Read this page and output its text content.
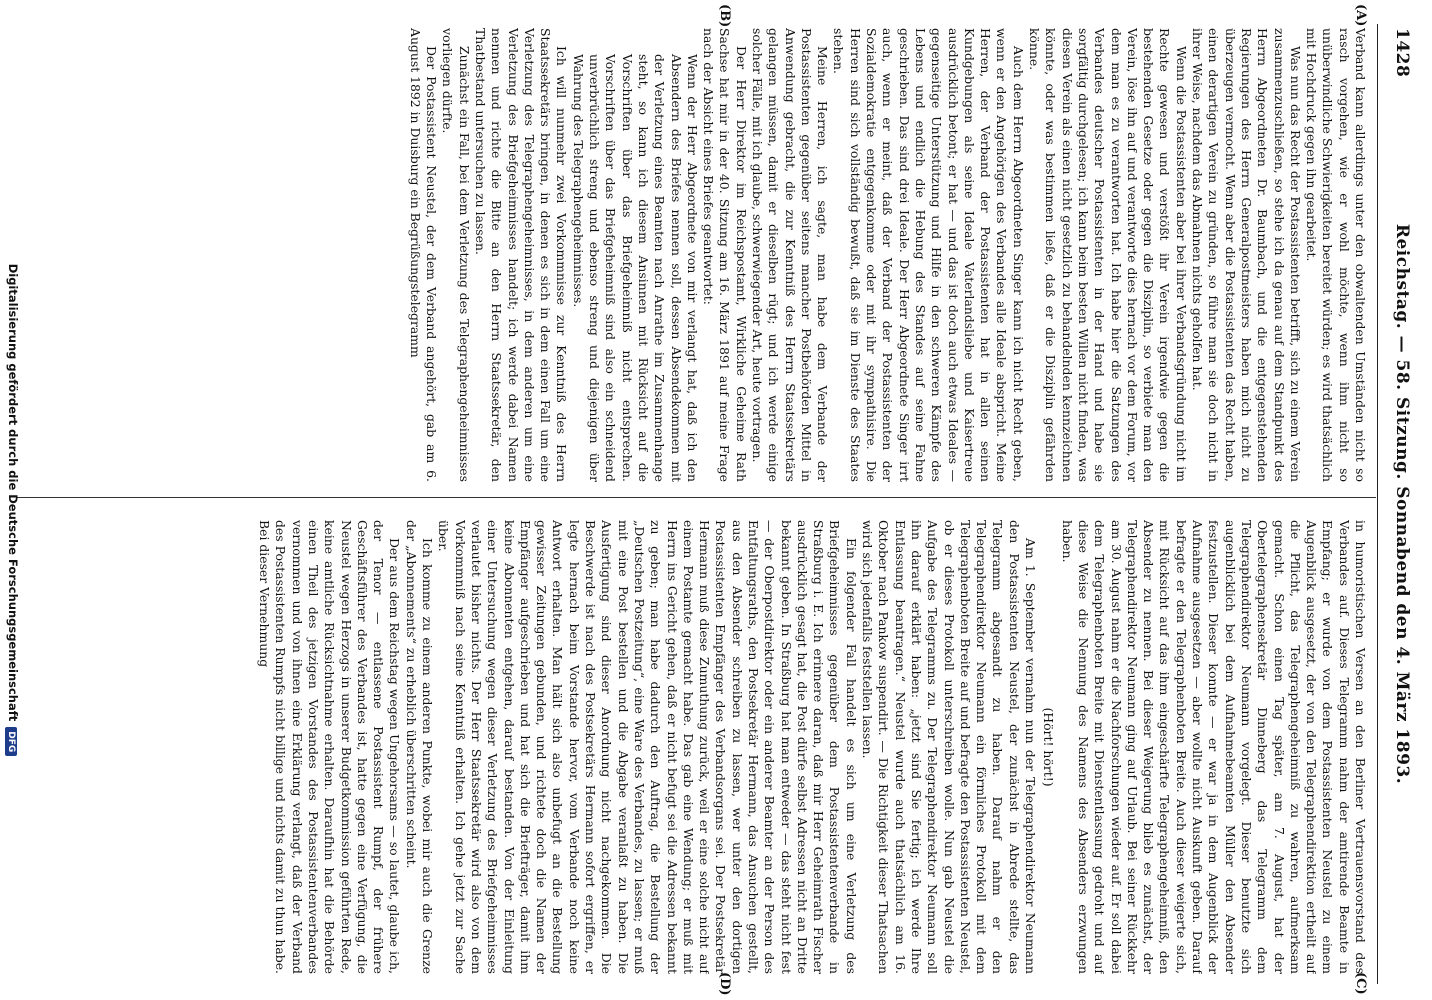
1428
Reichstag. — 58. Sitzung. Sonnabend den 4. März 1893.
(A)
(B)
(C)
(D)

Verband kann allerdings unter den obwaltenden Umständen nicht so rasch vorgehen, wie er wohl möchte, wenn ihm nicht so unüberwindliche Schwierigkeiten bereitet würden; es wird thatsächlich mit Hochdruck gegen ihn gearbeitet.

Was nun das Recht der Postassistenten betrifft, sich zu einem Verein zusammenzuschließen, so stehe ich da genau auf dem Standpunkt des Herrn Abgeordneten Dr. Baumbach, und die entgegenstehenden Regierungen des Herrn Generalpostmeisters haben mich nicht zu überzeugen vermocht. Wenn aber die Postassistenten das Recht haben, einen derartigen Verein zu gründen, so führe man sie doch nicht in ihrer Weise, nachdem das Abmahnen nichts geholfen hat.

Wenn die Postassistenten aber bei ihrer Verbandsgründung nicht im Rechte gewesen und verstößt ihr Verein irgendwie gegen die bestehenden Gesetze oder gegen die Disziplin, so verbiete man den Verein, löse ihn auf und verantworte dies hernach vor dem Forum, vor dem man es zu verantworten hat. Ich habe hier die Satzungen des Verbandes deutscher Postassistenten in der Hand und habe sie sorgfältig durchgelesen; ich kann beim besten Willen nicht finden, was diesen Verein als einen nicht gesetzlich zu behandelnden kennzeichnen könnte, oder was bestimmen ließe, daß er die Disziplin gefährden könne.

Auch dem Herrn Abgeordneten Singer kann ich nicht Recht geben, wenn er den Angehörigen des Verbandes alle Ideale abspricht. Meine Herren, der Verband der Postassistenten hat in allen seinen Kundgebungen als seine Ideale Vaterlandsliebe und Kaisertreue ausdrücklich betont; er hat — und das ist doch auch etwas Ideales — gegenseitige Unterstützung und Hilfe in den schweren Kämpfe des Lebens und endlich die Hebung des Standes auf seine Fahne geschrieben. Das sind drei Ideale. Der Herr Abgeordnete Singer irrt auch, wenn er meint, daß der Verband der Postassistenten der Sozialdemokratie entgegenkomme oder mit ihr sympathisire. Die Herren sind sich vollständig bewußt, daß sie im Dienste des Staates stehen.

Meine Herren, ich sagte, man habe dem Verbande der Postassistenten gegenüber seitens mancher Postbehörden Mittel in Anwendung gebracht, die zur Kenntniß des Herrn Staatssekretärs gelangen müssen, damit er dieselben rügt; und ich werde einige solcher Fälle, mit ich glaube, schwerwiegender Art, heute vortragen.

Der Herr Direktor im Reichspostamt, Wirkliche Geheime Rath Sachse hat mir in der 40. Sitzung am 16. März 1891 auf meine Frage nach der Absicht eines Briefes geantwortet:

Wenn der Herr Abgeordnete von mir verlangt hat, daß ich den Absendern des Briefes nennen soll, dessen Absendekommen mit der Verletzung eines Beamten nach Anrathe im Zusammenhange steht, so kann ich diesem Ansinnen mit Rücksicht auf die Vorschriften über das Briefgeheimniß nicht entsprechen. Vorschriften über das Briefgeheimniß sind also ein schneidend unverbrüchlich streng und ebenso streng und diejenigen über Wahrung des Telegraphengeheimnisses.

Ich will nunmehr zwei Vorkommnisse zur Kenntniß des Herrn Staatssekretärs bringen, in denen es sich in dem einen Fall um eine Verletzung des Telegraphengeheimnisses, in dem anderen um eine Verletzung des Briefgeheimnisses handelt; ich werde dabei Namen nennen und richte die Bitte an den Herrn Staatssekretär, den Thatbestand untersuchen zu lassen.

Zunächst ein Fall, bei dem Verletzung des Telegraphengeheimnisses vorliegen dürfte.

Der Postassistent Neustel, der dem Verband angehört, gab am 6. August 1892 in Duisburg ein Begrüßungstelegramm

in humoristischen Versen an den Berliner Vertrauensvorstand des Verbandes auf. Dieses Telegramm nahm der amtirende Beamte in Empfang; er wurde von dem Postassistenten Neustel zu einem Augenblick ausgesetzt, der von den Telegraphendirektion ertheilt auf die Pflicht, das Telegraphengeheimniß zu wahren, aufmerksam gemacht. Schon einen Tag später, am 7. August, hat der Obertelegraphensekretär Dinneberg das Telegramm dem Telegraphendirektor Neumann vorgelegt. Dieser benutzte sich augenblicklich bei dem Aufnahmebeamten Müller den Absender festzustellen. Dieser konnte — er war ja in dem Augenblick der Aufnahme ausgesetzen — aber wollte nicht Auskunft geben. Darauf befragte er den Telegraphenboten Breite. Auch dieser weigerte sich, mit Rücksicht auf das ihm eingeschärfte Telegraphengeheimniß, den Absender zu nennen. Bei dieser Weigerung blieb es zunächst, der Telegraphendirektor Neumann ging auf Urlaub. Bei seiner Rückkehr am 30. August nahm er die Nachforschungen wieder auf. Er soll dabei dem Telegraphenboten Breite mit Dienstentlassung gedroht und auf diese Weise die Nennung des Namens des Absenders erzwungen haben.

(Hört! hört!)

Am 1. September vernahm nun der Telegraphendirektor Neumann den Postassistenten Neustel, der zunächst in Abrede stellte, das Telegramm abgesandt zu haben. Darauf nahm er den Telegraphendirektor Neumann ein förmliches Protokoll mit dem Telegraphenboten Breite auf und befragte den Postassistenten Neustel, ob er dieses Protokoll unterschreiben wolle. Nun gab Neustel die Aufgabe des Telegramms zu. Der Telegraphendirektor Neumann soll ihn darauf erklärt haben: „jetzt sind Sie fertig; ich werde Ihre Entlassung beantragen.“ Neustel wurde auch thatsächlich am 16. Oktober nach Pankow suspendirt. — Die Richtigkeit dieser Thatsachen wird sich jedenfalls feststellen lassen.

Ein folgender Fall handelt es sich um eine Verletzung des Briefgeheimnisses gegenüber dem Postassistentenverbande in Straßburg i. E. Ich erinnere daran, daß mir Herr Geheimrath Fischer ausdrücklich gesagt hat, die Post dürfe selbst Adressen nicht an Dritte bekannt geben. In Straßburg hat man entweder — das steht nicht fest — der Oberpostdirektor oder ein anderer Beamter an der Person des Entfaltungsraths, den Postsekretär Hermann, das Ansuchen gestellt, aus den Absender schreiben zu lassen, wer unter den dortigen Postassistenten Empfänger des Verbandsorgans sei. Der Postsekretär Hermann muß diese Zumuthung zurück, weil er eine solche nicht auf einem Postamte gemacht habe. Das gab eine Wendung; er muß mit Herrn ins Gericht gehen, daß er nicht befugt sei die Adressen bekannt zu geben; man habe dadurch den Auftrag, die Bestellung der „Deutschen Postzeitung“, eine Ware des Verbandes, zu lassen; er muß mit eine Post bestellen und die Abgabe veranlaßt zu haben. Die Ausfertigung sind dieser Anordnung nicht nachgekommen. Die Beschwerde ist nach des Postsekretärs Hermann sofort ergriffen, er legte hernach beim Vorstande hervor, vom Verbande noch keine Antwort erhalten. Man hält sich also unbefugt an die Bestellung gewisser Zeitungen gebunden, und richtete doch die Namen der Empfänger aufgeschrieben und hat sich die Briefträger, damit ihm keine Abonnenten entgehen, darauf bestanden. Von der Einleitung einer Untersuchung wegen dieser Verletzung des Briefgeheimnisses verlautet bisher nichts. Der Herr Staatssekretär wird also von dem Vorkommniß nach seine Kenntniß erhalten. Ich gehe jetzt zur Sache über.

Ich komme zu einem anderen Punkte, wobei mir auch die Grenze der „Abonnements“ zu erheblich überschritten scheint.

Der aus dem Reichstag wegen Ungehorsams — so lautet, glaube ich, der Tenor — entlassene Postassistent Rumpf, der frühere Geschäftsführer des Verbandes ist, hatte gegen eine Verfügung, die Neustel wegen Herzogs in unserer Budgetkommission geführten Rede, keine amtliche Rücksichtnahme erhalten. Daraufhin hat die Behörde einen Theil des jetzigen Vorstandes des Postassistentenverbandes vernommen und von ihnen eine Erklärung verlangt, daß der Verband des Postassistenten Rumpfs nicht billige und nichts damit zu thun habe. Bei dieser Vernehmung

Digitalisierung gefördert durch die Deutsche ForschungsgemeinschaftDFG
